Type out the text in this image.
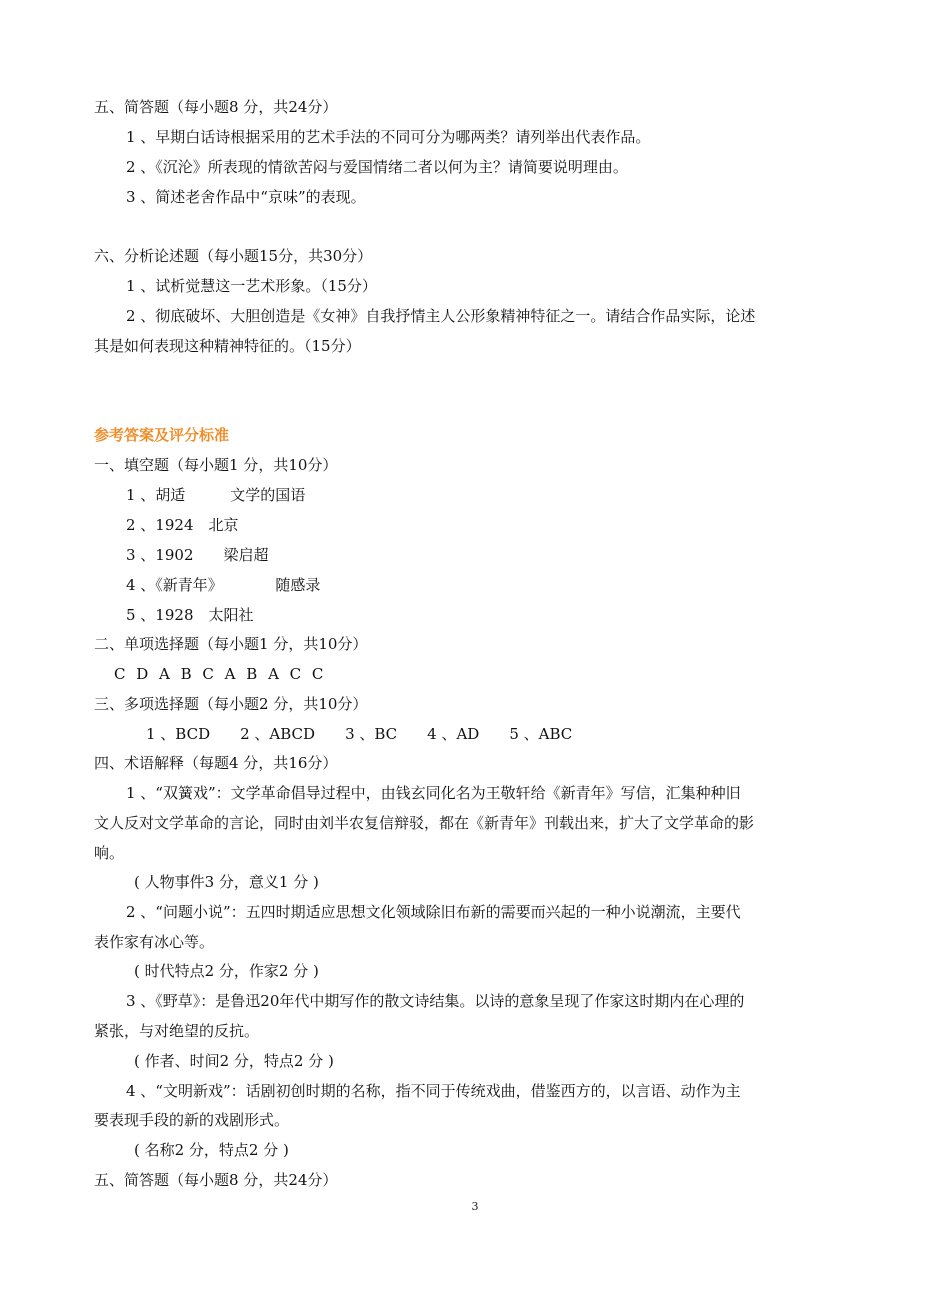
五、简答题（每小题8 分，共24分）
1 、早期白话诗根据采用的艺术手法的不同可分为哪两类？请列举出代表作品。
2 、《沉沦》所表现的情欲苦闷与爱国情绪二者以何为主？请简要说明理由。
3 、简述老舍作品中“京味”的表现。
六、分析论述题（每小题15分，共30分）
1 、试析觉慧这一艺术形象。（15分）
2 、彻底破坏、大胆创造是《女神》自我抒情主人公形象精神特征之一。请结合作品实际，论述
其是如何表现这种精神特征的。（15分）
参考答案及评分标准
一、填空题（每小题1 分，共10分）
1 、胡适　　　文学的国语
2 、1924　北京
3 、1902　　梁启超
4 、《新青年》　　　　随感录
5 、1928　太阳社
二、单项选择题（每小题1 分，共10分）
C D A B C A B A C C
三、多项选择题（每小题2 分，共10分）
1 、BCD　　2 、ABCD　　3 、BC　　4 、AD　　5 、ABC
四、术语解释（每题4 分，共16分）
1 、“双簧戏”：文学革命倡导过程中，由钱玄同化名为王敬轩给《新青年》写信，汇集种种旧
文人反对文学革命的言论，同时由刘半农复信辩驳，都在《新青年》刊载出来，扩大了文学革命的影
响。
( 人物事件3 分，意义1 分 )
2 、“问题小说”：五四时期适应思想文化领域除旧布新的需要而兴起的一种小说潮流，主要代
表作家有冰心等。
( 时代特点2 分，作家2 分 )
3 、《野草》：是鲁迅20年代中期写作的散文诗结集。以诗的意象呈现了作家这时期内在心理的
紧张，与对绝望的反抗。
( 作者、时间2 分，特点2 分 )
4 、“文明新戏”：话剧初创时期的名称，指不同于传统戏曲，借鉴西方的，以言语、动作为主
要表现手段的新的戏剧形式。
( 名称2 分，特点2 分 )
五、简答题（每小题8 分，共24分）
3
